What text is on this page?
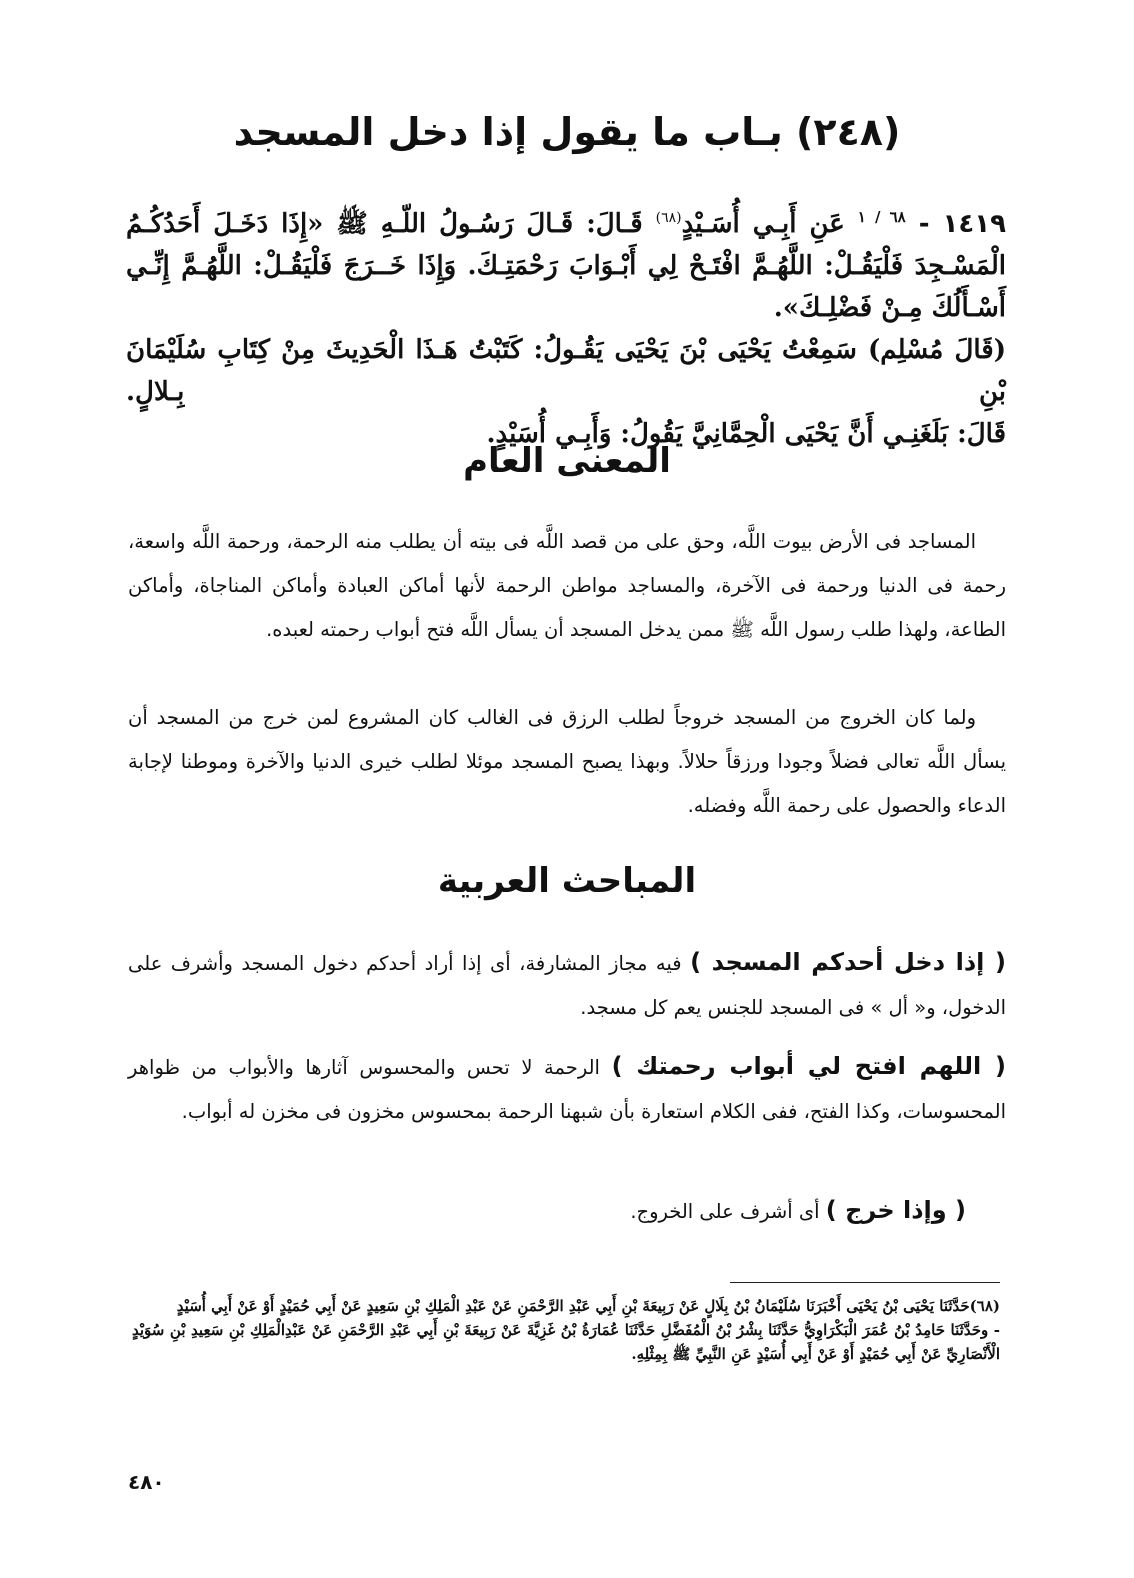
(٢٤٨) بـاب ما يقول إذا دخل المسجد

١٤١٩ - $^{٦٨ / ١}$ عَنِ أَبِـي أُسَـيْدٍ$^{(٦٨)}$ قَـالَ: قَـالَ رَسُـولُ اللّـهِ ﷺ «إِذَا دَخَـلَ أَحَدُكُـمُ الْمَسْـجِدَ فَلْيَقُـلْ: اللَّهُـمَّ افْتَـحْ لِي أَبْـوَابَ رَحْمَتِـكَ. وَإِذَا خَــرَجَ فَلْيَقُـلْ: اللَّهُـمَّ إِنِّـي أَسْـأَلُكَ مِـنْ فَضْلِـكَ».
(قَالَ مُسْلِم) سَمِعْتُ يَحْيَى بْنَ يَحْيَى يَقُـولُ: كَتَبْتُ هَـذَا الْحَدِيثَ مِنْ كِتَابِ سُلَيْمَانَ بْنِ بِـلالٍ.
قَالَ: بَلَغَنِـي أَنَّ يَحْيَى الْحِمَّانِيَّ يَقُولُ: وَأَبِـي أُسَيْدٍ.

المعنى العام

المساجد فى الأرض بيوت اللَّه، وحق على من قصد اللَّه فى بيته أن يطلب منه الرحمة، ورحمة اللَّه واسعة، رحمة فى الدنيا ورحمة فى الآخرة، والمساجد مواطن الرحمة لأنها أماكن العبادة وأماكن المناجاة، وأماكن الطاعة، ولهذا طلب رسول اللَّه ﷺ ممن يدخل المسجد أن يسأل اللَّه فتح أبواب رحمته لعبده.

ولما كان الخروج من المسجد خروجاً لطلب الرزق فى الغالب كان المشروع لمن خرج من المسجد أن يسأل اللَّه تعالى فضلاً وجودا ورزقاً حلالاً. وبهذا يصبح المسجد موئلا لطلب خيرى الدنيا والآخرة وموطنا لإجابة الدعاء والحصول على رحمة اللَّه وفضله.

المباحث العربية

( إذا دخل أحدكم المسجد ) فيه مجاز المشارفة، أى إذا أراد أحدكم دخول المسجد وأشرف على الدخول، و« أل » فى المسجد للجنس يعم كل مسجد.

( اللهم افتح لي أبواب رحمتك ) الرحمة لا تحس والمحسوس آثارها والأبواب من ظواهر المحسوسات، وكذا الفتح، ففى الكلام استعارة بأن شبهنا الرحمة بمحسوس مخزون فى مخزن له أبواب.

( وإذا خرج ) أى أشرف على الخروج.

(٦٨)حَدَّثَنَا يَحْيَى بْنُ يَحْيَى أَخْبَرَنَا سُلَيْمَانُ بْنُ بِلَالٍ عَنْ رَبِيعَةَ بْنِ أَبِي عَبْدِ الرَّحْمَنِ عَنْ عَبْدِ الْمَلِكِ بْنِ سَعِيدٍ عَنْ أَبِي حُمَيْدٍ أَوْ عَنْ أَبِي أُسَيْدٍ

- وحَدَّثَنَا حَامِدُ بْنُ عُمَرَ الْبَكْرَاوِيُّ حَدَّثَنَا بِشْرُ بْنُ الْمُفَضَّلِ حَدَّثَنَا عُمَارَةُ بْنُ غَزِيَّةَ عَنْ رَبِيعَةَ بْنِ أَبِي عَبْدِ الرَّحْمَنِ عَنْ عَبْدِالْمَلِكِ بْنِ سَعِيدِ بْنِ سُوَيْدٍ الْأَنْصَارِيِّ عَنْ أَبِي حُمَيْدٍ أَوْ عَنْ أَبِي أُسَيْدٍ عَنِ النَّبِيِّ ﷺ بِمِثْلِهِ.

٤٨٠
